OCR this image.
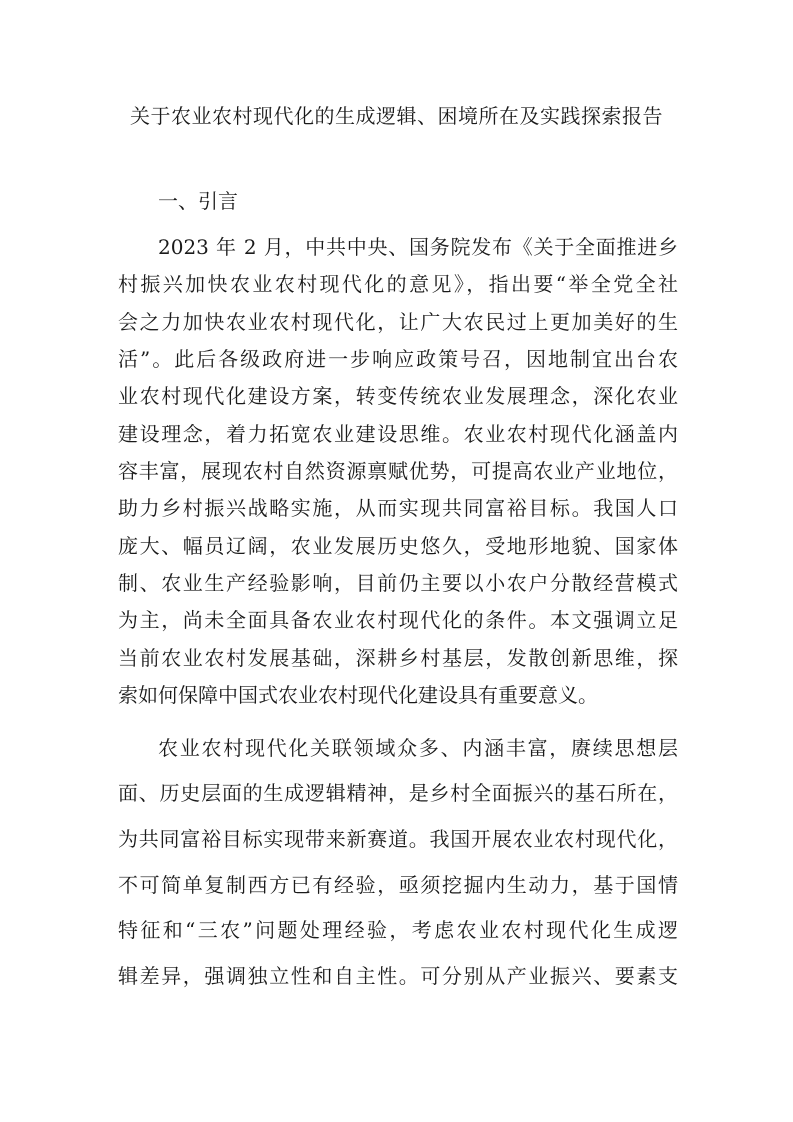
关于农业农村现代化的生成逻辑、困境所在及实践探索报告
一、引言
2023 年 2 月，中共中央、国务院发布《关于全面推进乡
村振兴加快农业农村现代化的意见》，指出要“举全党全社
会之力加快农业农村现代化，让广大农民过上更加美好的生
活”。此后各级政府进一步响应政策号召，因地制宜出台农
业农村现代化建设方案，转变传统农业发展理念，深化农业
建设理念，着力拓宽农业建设思维。农业农村现代化涵盖内
容丰富，展现农村自然资源禀赋优势，可提高农业产业地位，
助力乡村振兴战略实施，从而实现共同富裕目标。我国人口
庞大、幅员辽阔，农业发展历史悠久，受地形地貌、国家体
制、农业生产经验影响，目前仍主要以小农户分散经营模式
为主，尚未全面具备农业农村现代化的条件。本文强调立足
当前农业农村发展基础，深耕乡村基层，发散创新思维，探
索如何保障中国式农业农村现代化建设具有重要意义。
农业农村现代化关联领域众多、内涵丰富，赓续思想层
面、历史层面的生成逻辑精神，是乡村全面振兴的基石所在，
为共同富裕目标实现带来新赛道。我国开展农业农村现代化，
不可简单复制西方已有经验，亟须挖掘内生动力，基于国情
特征和“三农”问题处理经验，考虑农业农村现代化生成逻
辑差异，强调独立性和自主性。可分别从产业振兴、要素支
